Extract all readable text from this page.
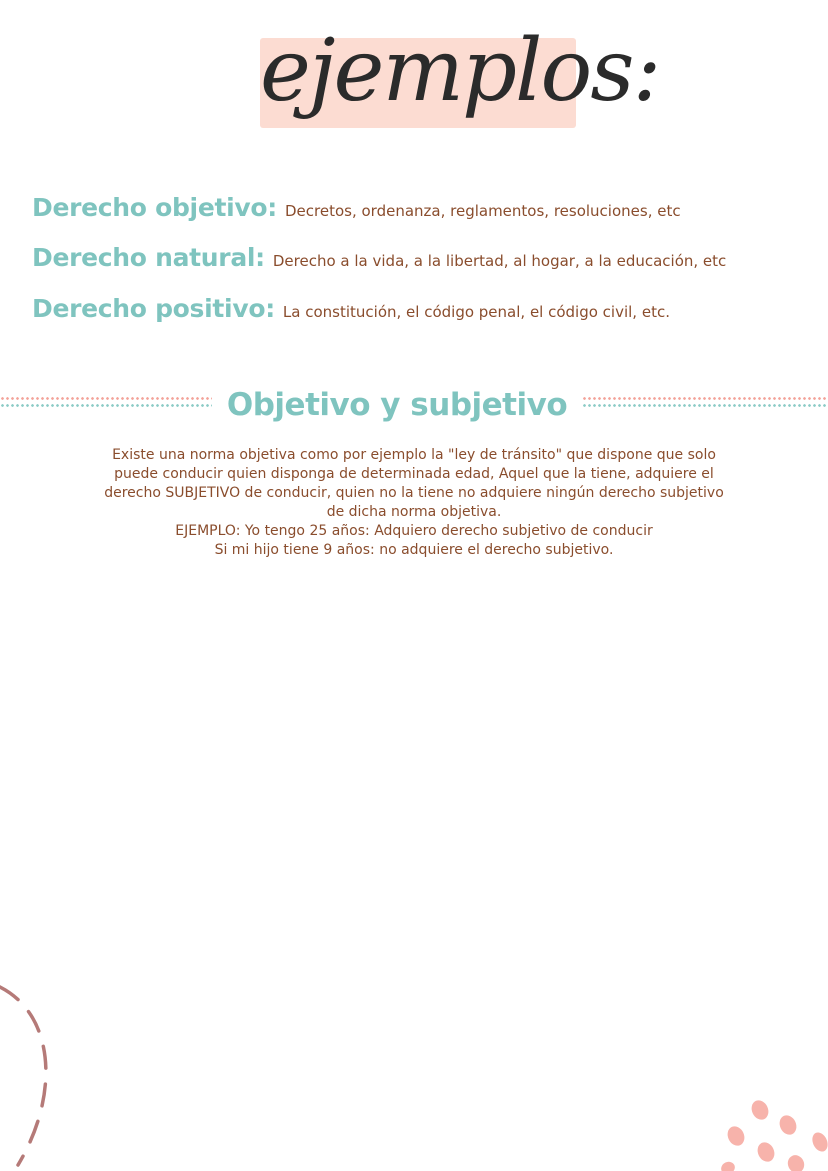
ejemplos:
Derecho objetivo: Decretos, ordenanza, reglamentos, resoluciones, etc
Derecho natural: Derecho a la vida, a la libertad, al hogar, a la educación, etc
Derecho positivo: La constitución, el código penal, el código civil, etc.
Objetivo y subjetivo
Existe una norma objetiva como por ejemplo la "ley de tránsito" que dispone que solo
puede conducir quien disponga de determinada edad, Aquel que la tiene, adquiere el
derecho SUBJETIVO de conducir, quien no la tiene no adquiere ningún derecho subjetivo
de dicha norma objetiva.
EJEMPLO: Yo tengo 25 años: Adquiero derecho subjetivo de conducir
Si mi hijo tiene 9 años: no adquiere el derecho subjetivo.
